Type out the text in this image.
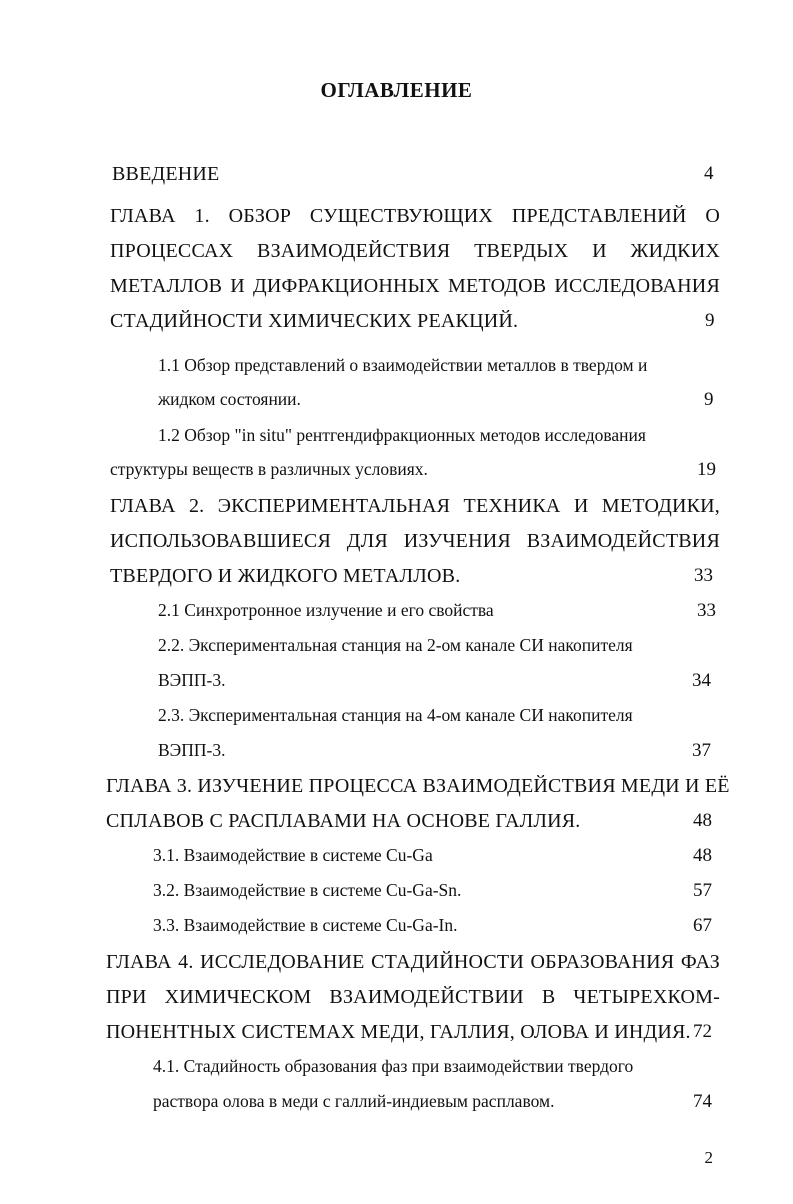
ОГЛАВЛЕНИЕ
ВВЕДЕНИЕ	4
ГЛАВА 1. ОБЗОР СУЩЕСТВУЮЩИХ ПРЕДСТАВЛЕНИЙ О
ПРОЦЕССАХ ВЗАИМОДЕЙСТВИЯ ТВЕРДЫХ И ЖИДКИХ
МЕТАЛЛОВ И ДИФРАКЦИОННЫХ МЕТОДОВ ИССЛЕДОВАНИЯ
СТАДИЙНОСТИ ХИМИЧЕСКИХ РЕАКЦИЙ.	9
1.1 Обзор представлений о взаимодействии металлов в твердом и
жидком состоянии.	9
1.2 Обзор "in situ" рентгендифракционных методов исследования
структуры веществ в различных условиях.	19
ГЛАВА 2. ЭКСПЕРИМЕНТАЛЬНАЯ ТЕХНИКА И МЕТОДИКИ,
ИСПОЛЬЗОВАВШИЕСЯ ДЛЯ ИЗУЧЕНИЯ ВЗАИМОДЕЙСТВИЯ
ТВЕРДОГО И ЖИДКОГО МЕТАЛЛОВ.	33
2.1 Синхротронное излучение и его свойства	33
2.2. Экспериментальная станция на 2-ом канале СИ накопителя
ВЭПП-3.	34
2.3. Экспериментальная станция на 4-ом канале СИ накопителя
ВЭПП-3.	37
ГЛАВА 3. ИЗУЧЕНИЕ ПРОЦЕССА ВЗАИМОДЕЙСТВИЯ МЕДИ И ЕЁ
СПЛАВОВ С РАСПЛАВАМИ НА ОСНОВЕ ГАЛЛИЯ.	48
3.1. Взаимодействие в системе Cu-Ga	48
3.2. Взаимодействие в системе Cu-Ga-Sn.	57
3.3. Взаимодействие в системе Cu-Ga-In.	67
ГЛАВА 4. ИССЛЕДОВАНИЕ СТАДИЙНОСТИ ОБРАЗОВАНИЯ ФАЗ
ПРИ ХИМИЧЕСКОМ ВЗАИМОДЕЙСТВИИ В ЧЕТЫРЕХКОМ-
ПОНЕНТНЫХ СИСТЕМАХ МЕДИ, ГАЛЛИЯ, ОЛОВА И ИНДИЯ. 72
4.1. Стадийность образования фаз при взаимодействии твердого
раствора олова в меди с галлий-индиевым расплавом.	74
2
